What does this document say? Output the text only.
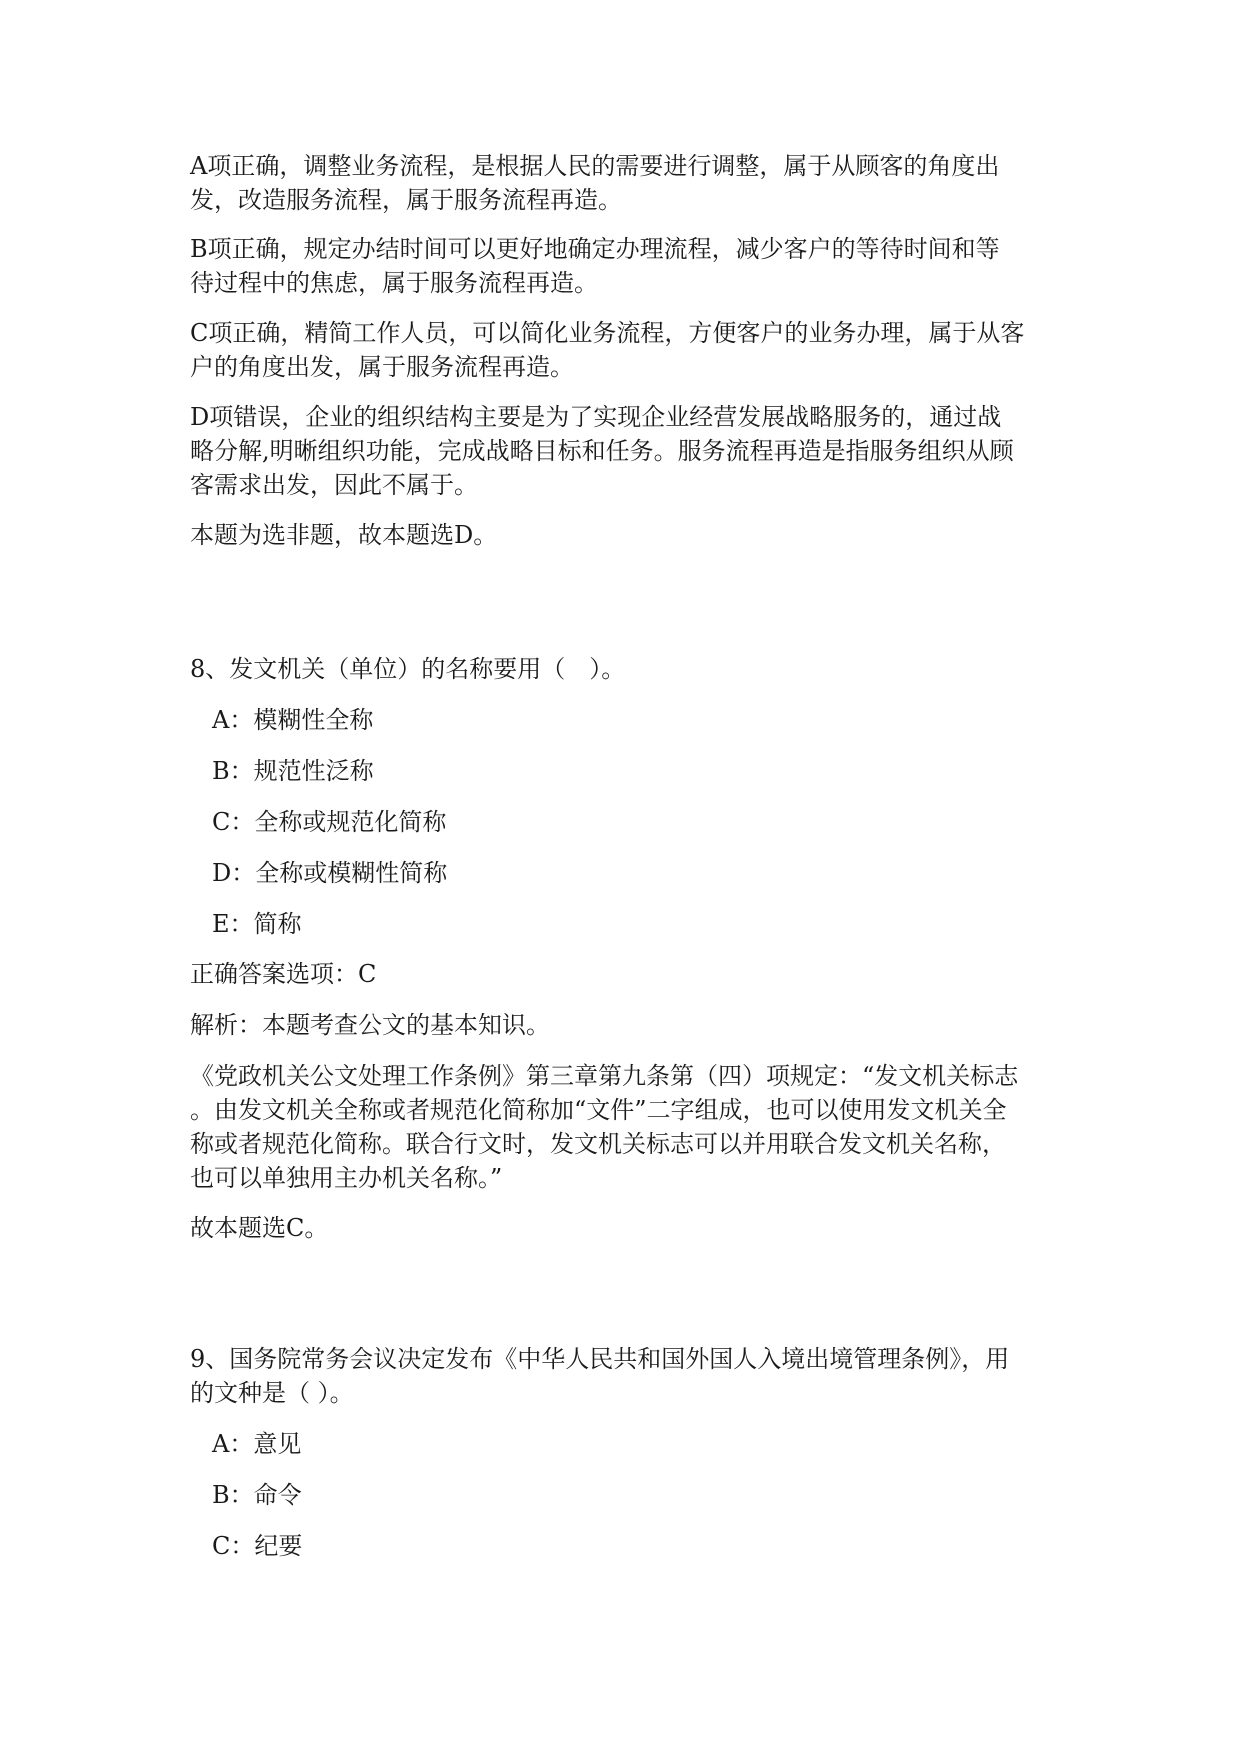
A项正确，调整业务流程，是根据人民的需要进行调整，属于从顾客的角度出
发，改造服务流程，属于服务流程再造。

B项正确，规定办结时间可以更好地确定办理流程，减少客户的等待时间和等
待过程中的焦虑，属于服务流程再造。

C项正确，精简工作人员，可以简化业务流程，方便客户的业务办理，属于从客
户的角度出发，属于服务流程再造。

D项错误，企业的组织结构主要是为了实现企业经营发展战略服务的，通过战
略分解,明晰组织功能，完成战略目标和任务。服务流程再造是指服务组织从顾
客需求出发，因此不属于。

本题为选非题，故本题选D。

8、发文机关（单位）的名称要用（　）。

A：模糊性全称
B：规范性泛称
C：全称或规范化简称
D：全称或模糊性简称
E：简称

正确答案选项：C

解析：本题考查公文的基本知识。

《党政机关公文处理工作条例》第三章第九条第（四）项规定：“发文机关标志
。由发文机关全称或者规范化简称加“文件”二字组成，也可以使用发文机关全
称或者规范化简称。联合行文时，发文机关标志可以并用联合发文机关名称，
也可以单独用主办机关名称。”

故本题选C。

9、国务院常务会议决定发布《中华人民共和国外国人入境出境管理条例》，用
的文种是（ ）。

A：意见
B：命令
C：纪要
